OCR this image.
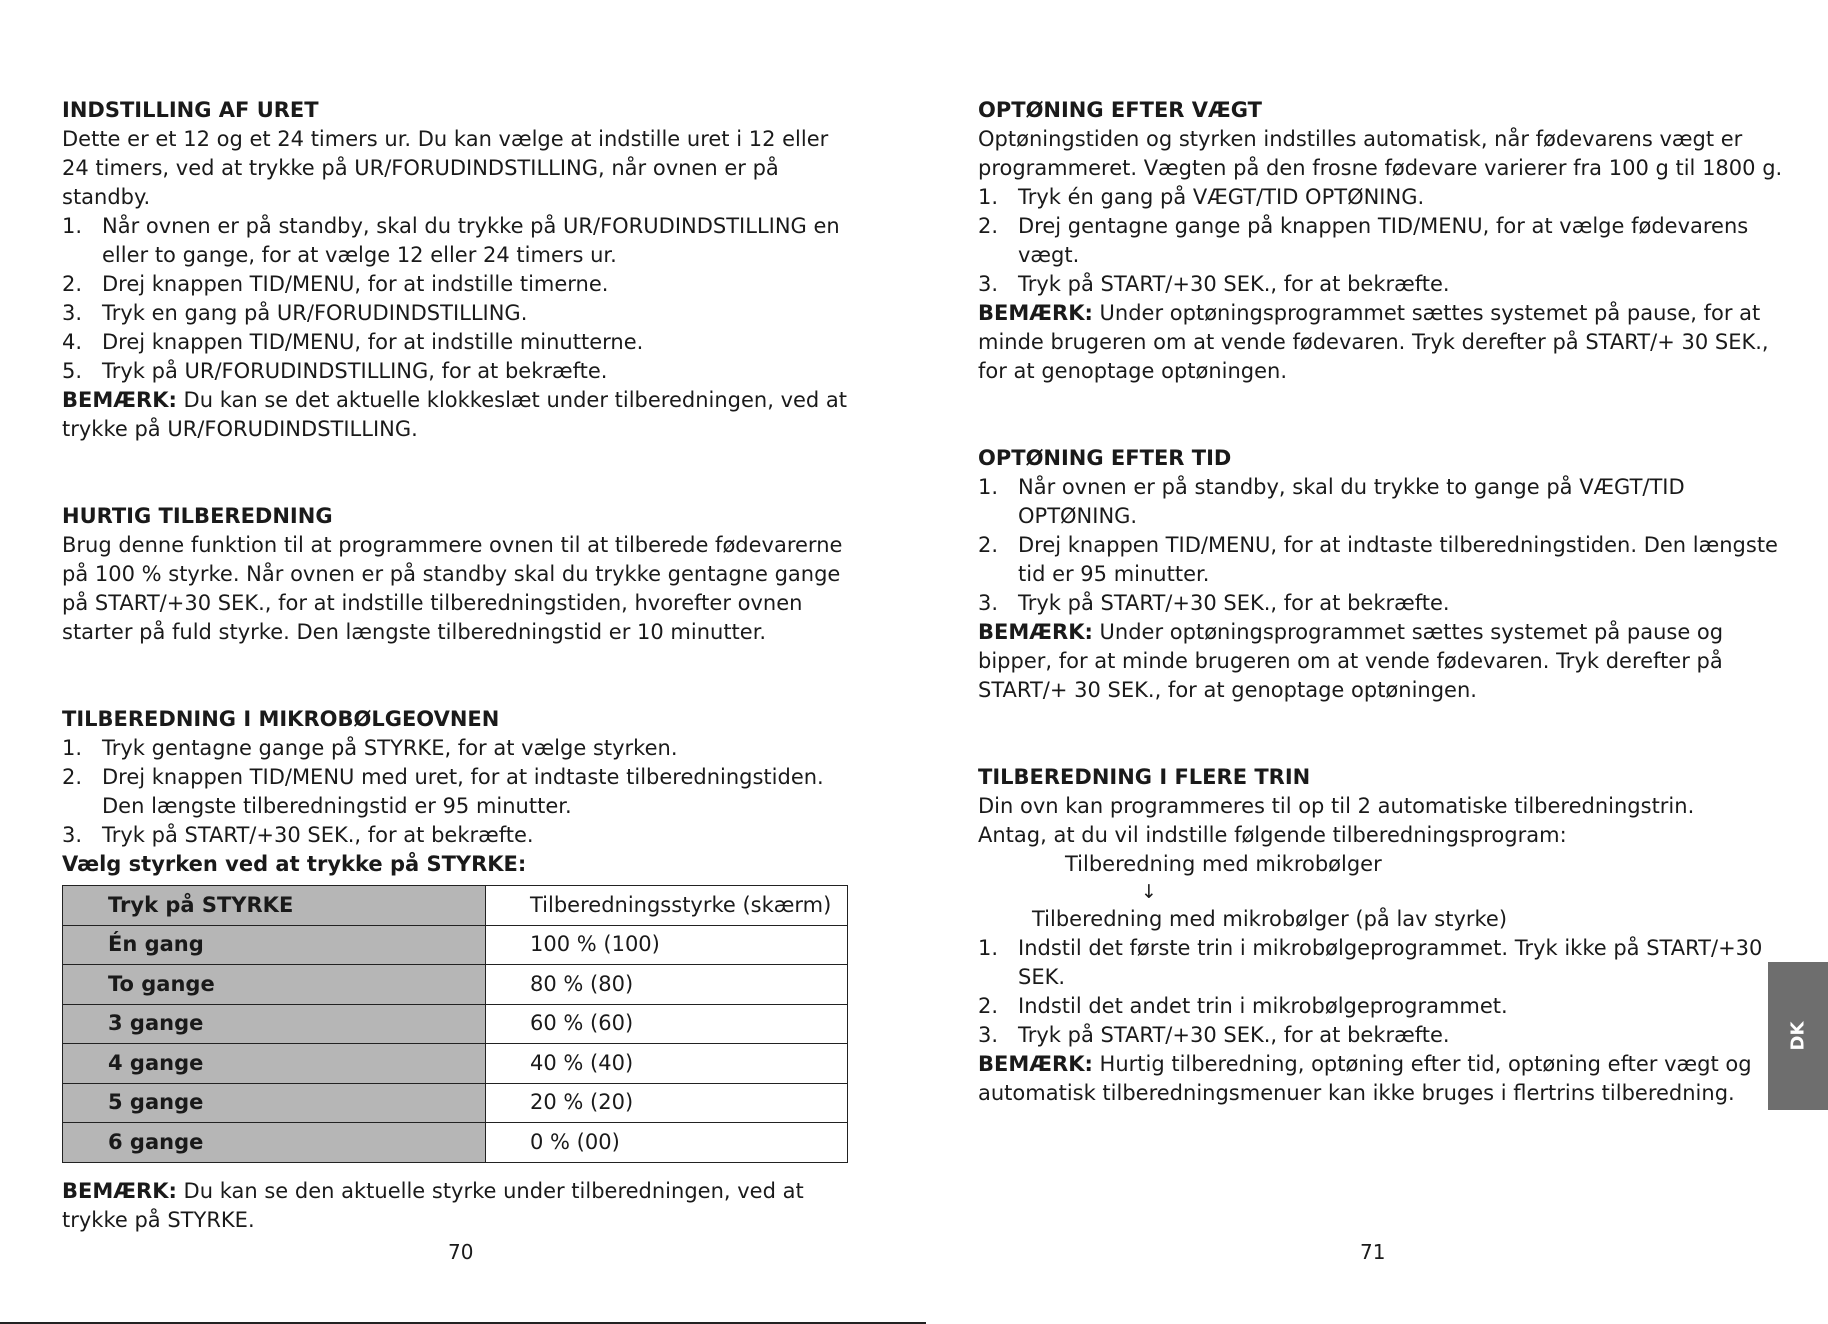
INDSTILLING AF URET

Dette er et 12 og et 24 timers ur. Du kan vælge at indstille uret i 12 eller 24 timers, ved at trykke på UR/FORUDINDSTILLING, når ovnen er på standby.

1. Når ovnen er på standby, skal du trykke på UR/FORUDINDSTILLING en eller to gange, for at vælge 12 eller 24 timers ur.
2. Drej knappen TID/MENU, for at indstille timerne.
3. Tryk en gang på UR/FORUDINDSTILLING.
4. Drej knappen TID/MENU, for at indstille minutterne.
5. Tryk på UR/FORUDINDSTILLING, for at bekræfte.

BEMÆRK: Du kan se det aktuelle klokkeslæt under tilberedningen, ved at trykke på UR/FORUDINDSTILLING.

HURTIG TILBEREDNING

Brug denne funktion til at programmere ovnen til at tilberede fødevarerne på 100 % styrke. Når ovnen er på standby skal du trykke gentagne gange på START/+30 SEK., for at indstille tilberedningstiden, hvorefter ovnen starter på fuld styrke. Den længste tilberedningstid er 10 minutter.

TILBEREDNING I MIKROBØLGEOVNEN
1. Tryk gentagne gange på STYRKE, for at vælge styrken.
2. Drej knappen TID/MENU med uret, for at indtaste tilberedningstiden. Den længste tilberedningstid er 95 minutter.
3. Tryk på START/+30 SEK., for at bekræfte.
Vælg styrken ved at trykke på STYRKE:
Tryk på STYRKE	Tilberedningsstyrke (skærm)
Én gang	100 % (100)
To gange	80 % (80)
3 gange	60 % (60)
4 gange	40 % (40)
5 gange	20 % (20)
6 gange	0 % (00)

BEMÆRK: Du kan se den aktuelle styrke under tilberedningen, ved at trykke på STYRKE.

OPTØNING EFTER VÆGT

Optøningstiden og styrken indstilles automatisk, når fødevarens vægt er programmeret. Vægten på den frosne fødevare varierer fra 100 g til 1800 g.

1. Tryk én gang på VÆGT/TID OPTØNING.
2. Drej gentagne gange på knappen TID/MENU, for at vælge fødevarens vægt.
3. Tryk på START/+30 SEK., for at bekræfte.

BEMÆRK: Under optøningsprogrammet sættes systemet på pause, for at minde brugeren om at vende fødevaren. Tryk derefter på START/+ 30 SEK., for at genoptage optøningen.

OPTØNING EFTER TID
1. Når ovnen er på standby, skal du trykke to gange på VÆGT/TID OPTØNING.
2. Drej knappen TID/MENU, for at indtaste tilberedningstiden. Den længste tid er 95 minutter.
3. Tryk på START/+30 SEK., for at bekræfte.

BEMÆRK: Under optøningsprogrammet sættes systemet på pause og bipper, for at minde brugeren om at vende fødevaren. Tryk derefter på START/+ 30 SEK., for at genoptage optøningen.

TILBEREDNING I FLERE TRIN

Din ovn kan programmeres til op til 2 automatiske tilberedningstrin.

Antag, at du vil indstille følgende tilberedningsprogram:

Tilberedning med mikrobølger
↓
Tilberedning med mikrobølger (på lav styrke)
1. Indstil det første trin i mikrobølgeprogrammet. Tryk ikke på START/+30 SEK.
2. Indstil det andet trin i mikrobølgeprogrammet.
3. Tryk på START/+30 SEK., for at bekræfte.

BEMÆRK: Hurtig tilberedning, optøning efter tid, optøning efter vægt og automatisk tilberedningsmenuer kan ikke bruges i flertrins tilberedning.

70	71
DK
